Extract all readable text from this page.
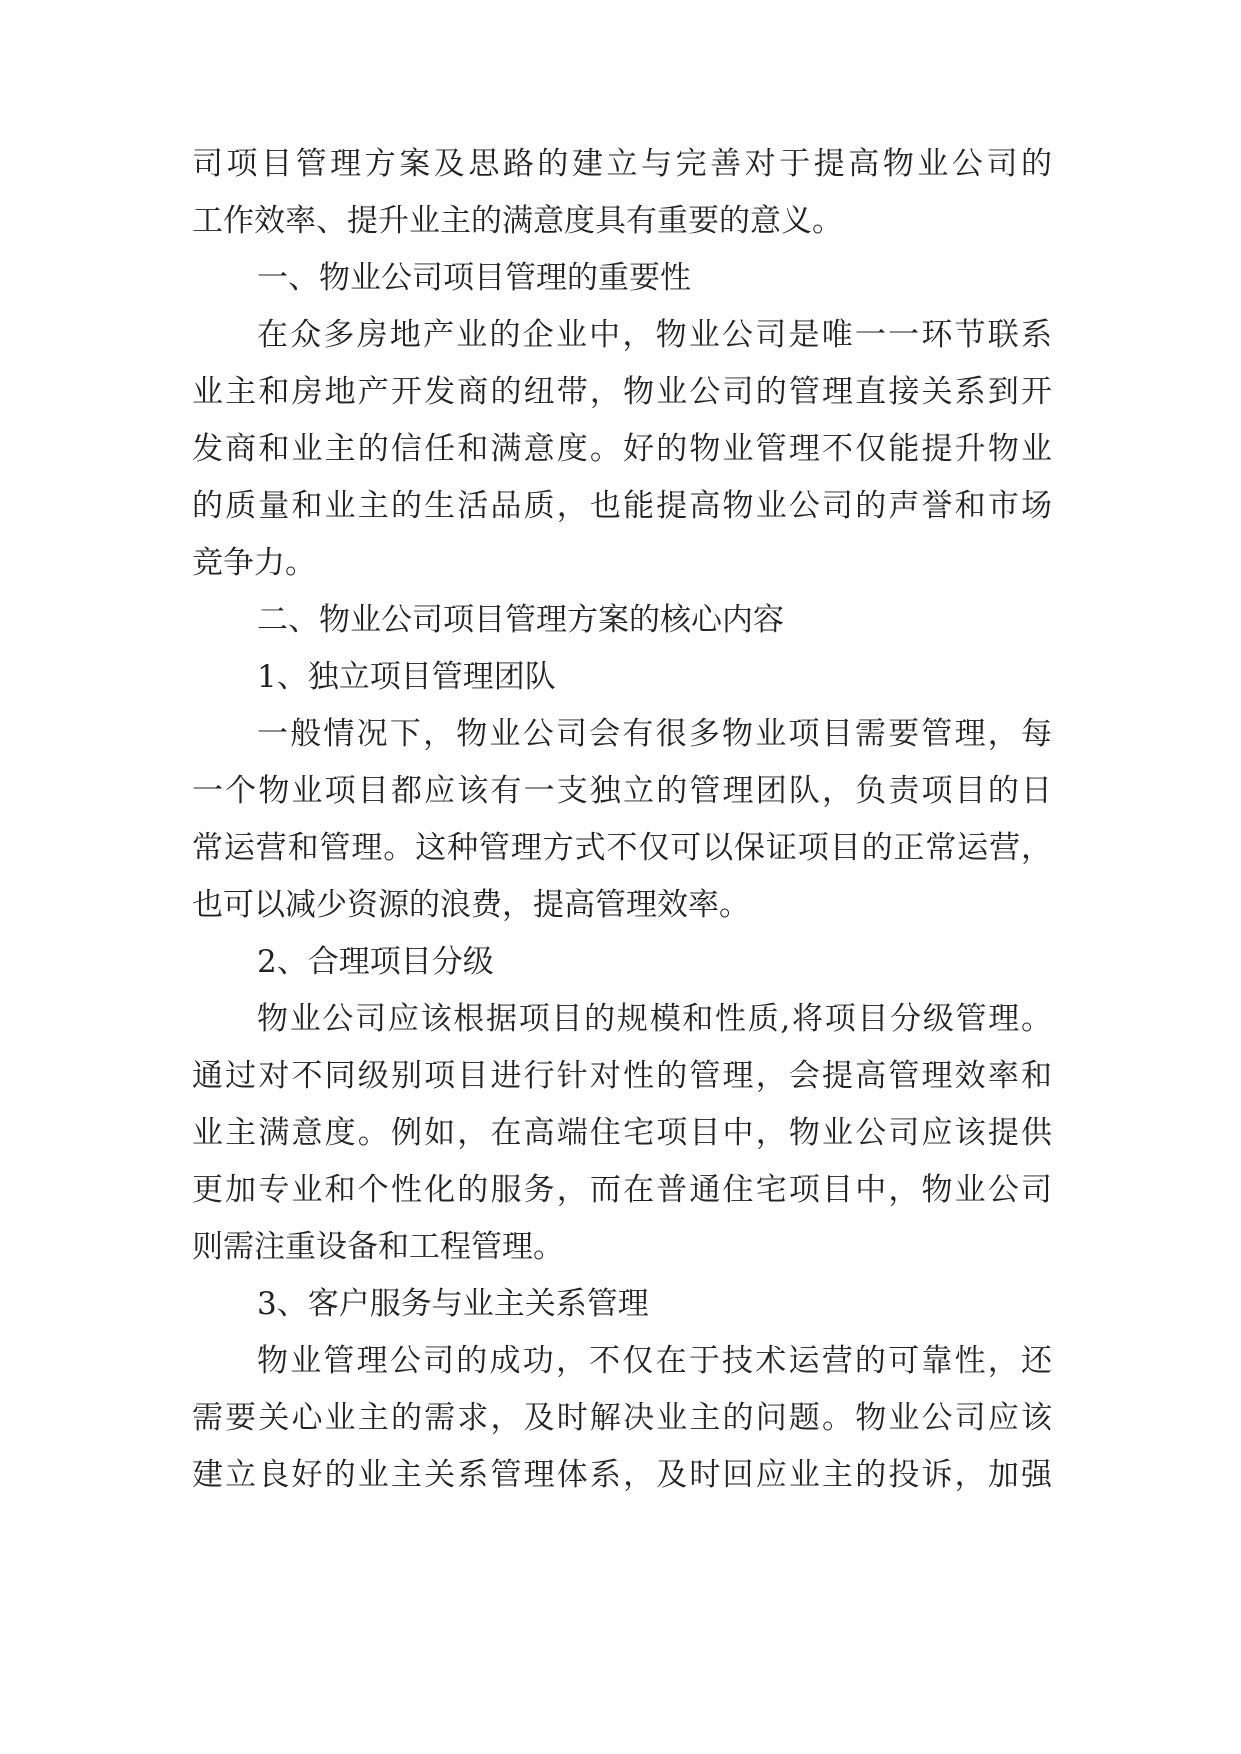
司项目管理方案及思路的建立与完善对于提高物业公司的
工作效率、提升业主的满意度具有重要的意义。
一、物业公司项目管理的重要性
在众多房地产业的企业中，物业公司是唯一一环节联系
业主和房地产开发商的纽带，物业公司的管理直接关系到开
发商和业主的信任和满意度。好的物业管理不仅能提升物业
的质量和业主的生活品质，也能提高物业公司的声誉和市场
竞争力。
二、物业公司项目管理方案的核心内容
1、独立项目管理团队
一般情况下，物业公司会有很多物业项目需要管理，每
一个物业项目都应该有一支独立的管理团队，负责项目的日
常运营和管理。这种管理方式不仅可以保证项目的正常运营，
也可以减少资源的浪费，提高管理效率。
2、合理项目分级
物业公司应该根据项目的规模和性质,将项目分级管理。
通过对不同级别项目进行针对性的管理，会提高管理效率和
业主满意度。例如，在高端住宅项目中，物业公司应该提供
更加专业和个性化的服务，而在普通住宅项目中，物业公司
则需注重设备和工程管理。
3、客户服务与业主关系管理
物业管理公司的成功，不仅在于技术运营的可靠性，还
需要关心业主的需求，及时解决业主的问题。物业公司应该
建立良好的业主关系管理体系，及时回应业主的投诉，加强
